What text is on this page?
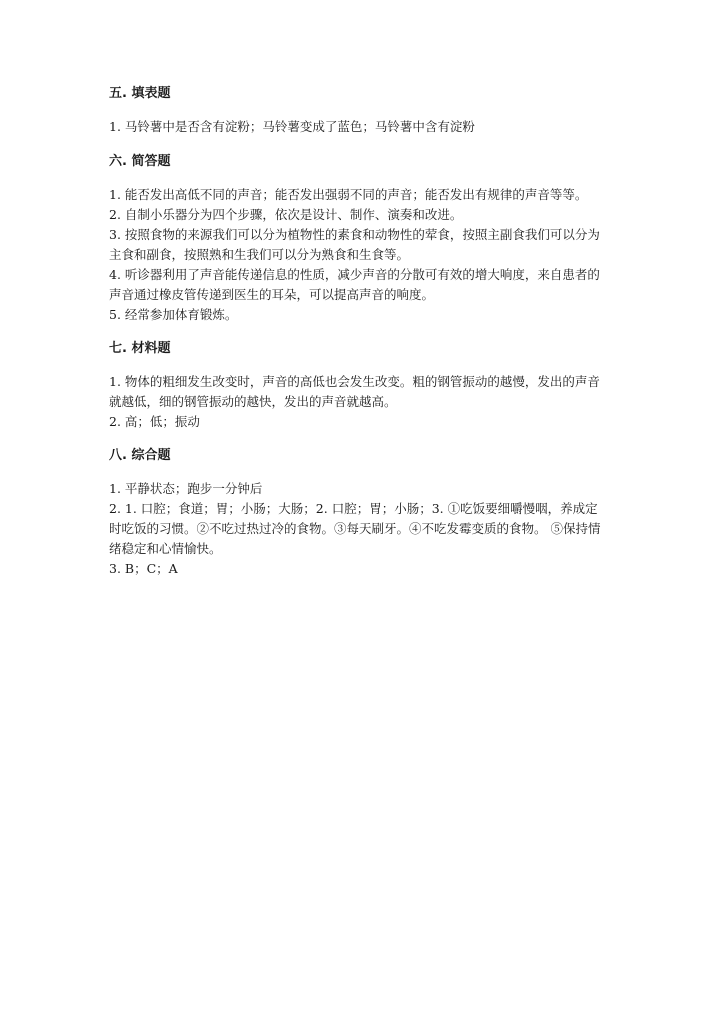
五. 填表题

1. 马铃薯中是否含有淀粉；马铃薯变成了蓝色；马铃薯中含有淀粉

六. 简答题

1. 能否发出高低不同的声音；能否发出强弱不同的声音；能否发出有规律的声音等等。

2. 自制小乐器分为四个步骤，依次是设计、制作、演奏和改进。

3. 按照食物的来源我们可以分为植物性的素食和动物性的荤食，按照主副食我们可以分为主食和副食，按照熟和生我们可以分为熟食和生食等。

4. 听诊器利用了声音能传递信息的性质，减少声音的分散可有效的增大响度，来自患者的声音通过橡皮管传递到医生的耳朵，可以提高声音的响度。

5. 经常参加体育锻炼。

七. 材料题

1. 物体的粗细发生改变时，声音的高低也会发生改变。粗的钢管振动的越慢，发出的声音就越低，细的钢管振动的越快，发出的声音就越高。

2. 高；低；振动

八. 综合题

1. 平静状态；跑步一分钟后

2. 1. 口腔；食道；胃；小肠；大肠；2. 口腔；胃；小肠；3. ①吃饭要细嚼慢咽，养成定时吃饭的习惯。②不吃过热过冷的食物。③每天刷牙。④不吃发霉变质的食物。 ⑤保持情绪稳定和心情愉快。

3. B；C；A
